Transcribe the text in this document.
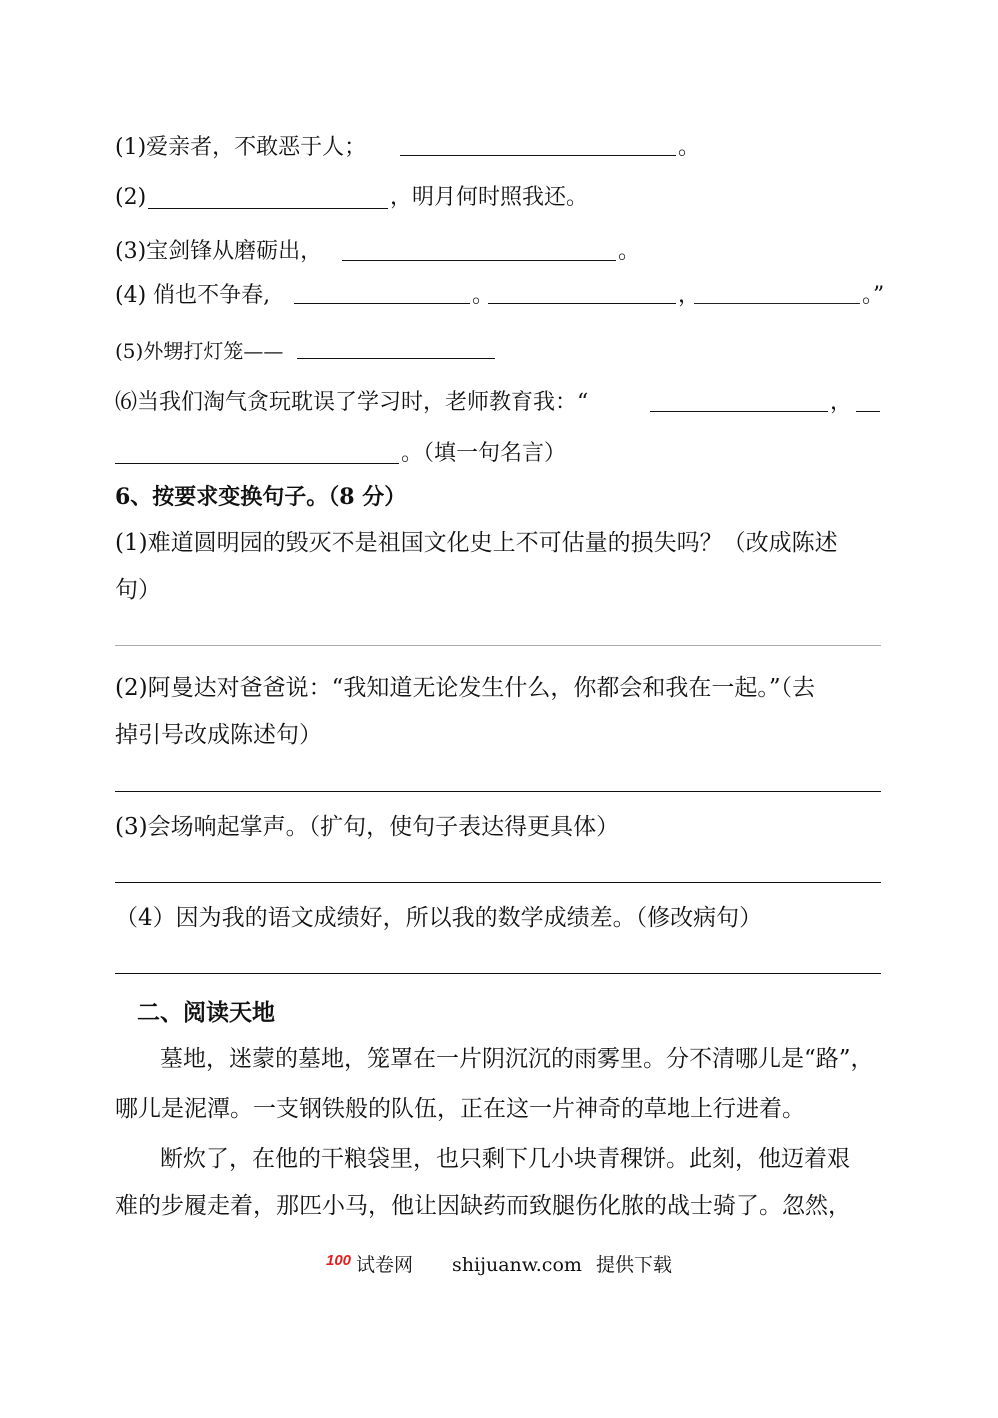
(1)爱亲者，不敢恶于人；	。
(2)	，明月何时照我还。
(3)宝剑锋从磨砺出，	。
(4) 俏也不争春,	。	，	。”
(5)外甥打灯笼——
⑹当我们淘气贪玩耽误了学习时，老师教育我：“	，
。（填一句名言）
6、按要求变换句子。（8 分）
(1)难道圆明园的毁灭不是祖国文化史上不可估量的损失吗？（改成陈述
句）
(2)阿曼达对爸爸说：“我知道无论发生什么，你都会和我在一起。”（去
掉引号改成陈述句）
(3)会场响起掌声。（扩句，使句子表达得更具体）
（4）因为我的语文成绩好，所以我的数学成绩差。（修改病句）
二、阅读天地
墓地，迷蒙的墓地，笼罩在一片阴沉沉的雨雾里。分不清哪儿是“路”，
哪儿是泥潭。一支钢铁般的队伍，正在这一片神奇的草地上行进着。
断炊了，在他的干粮袋里，也只剩下几小块青稞饼。此刻，他迈着艰
难的步履走着，那匹小马，他让因缺药而致腿伤化脓的战士骑了。忽然，
100 试卷网 shijuanw.com 提供下载
